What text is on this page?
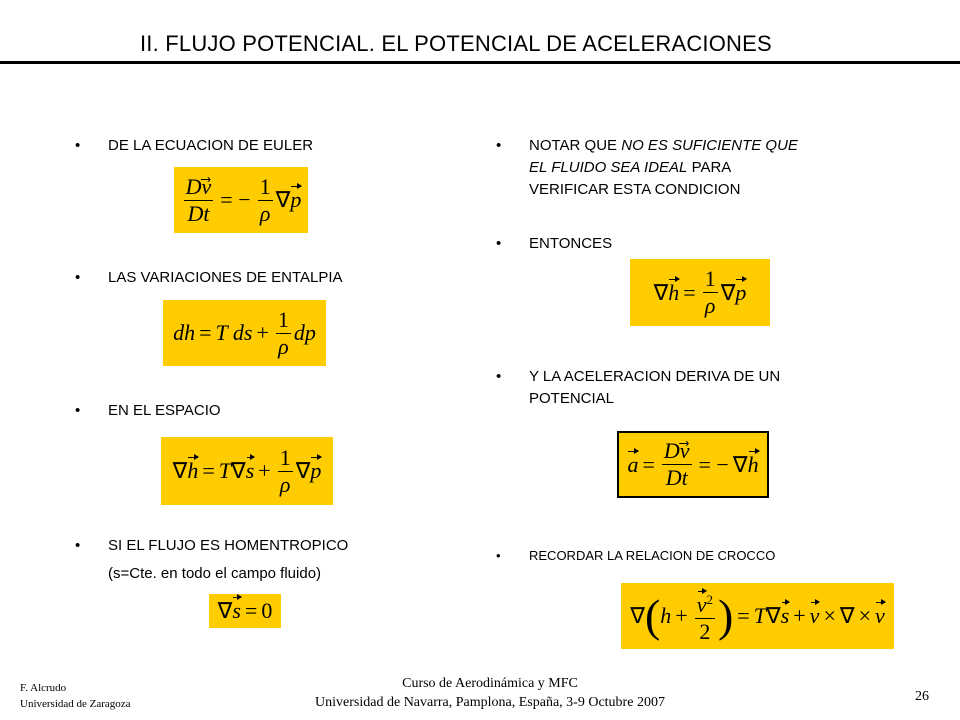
II. FLUJO POTENCIAL. EL POTENCIAL DE ACELERACIONES
• DE LA ECUACION DE EULER
$\frac{Dv}{Dt}$ = − $\frac{1}{\rho}$ ∇ p
• LAS VARIACIONES DE ENTALPIA
dh = T ds + $\frac{1}{\rho}$ dp
• EN EL ESPACIO
∇ h = T ∇ $s + \frac{1}{\rho}$ ∇ p
• SI EL FLUJO ES HOMENTROPICO
(s=Cte. en todo el campo fluido)
∇ s = 0
• NOTAR QUE NO ES SUFICIENTE QUE
EL FLUIDO SEA IDEAL PARA
VERIFICAR ESTA CONDICION
• ENTONCES
∇ $h = \frac{1}{\rho}$ ∇ p
• Y LA ACELERACION DERIVA DE UN
POTENCIAL
$a = \frac{Dv}{Dt}$ = − ∇ h
• RECORDAR LA RELACION DE CROCCO
∇ ( $h + \frac{v^2}{2}$ ) = T ∇ s + v × ∇ × v
F. Alcrudo
Universidad de Zaragoza
Curso de Aerodinámica y MFC
Universidad de Navarra, Pamplona, España, 3-9 Octubre 2007	26
